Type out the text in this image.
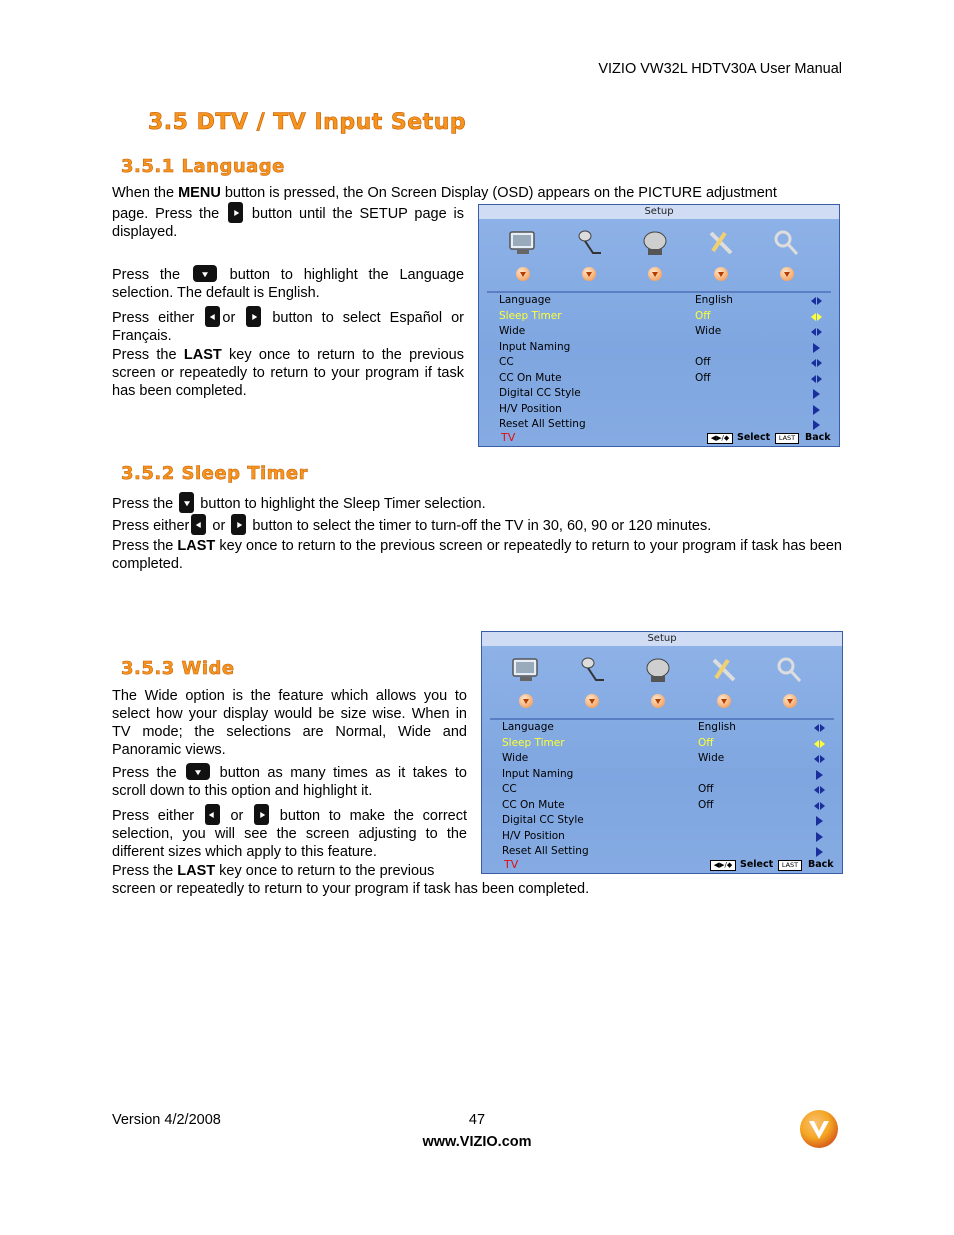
VIZIO VW32L HDTV30A User Manual
3.5 DTV / TV Input Setup
3.5.1 Language
When the MENU button is pressed, the On Screen Display (OSD) appears on the PICTURE adjustment
page. Press the  button until the SETUP page is displayed.
Press the  button to highlight the Language selection. The default is English.
Press either or  button to select Español or Français.
Press the LAST key once to return to the previous screen or repeatedly to return to your program if task has been completed.
Setup
Language	English
Sleep Timer	Off
Wide	Wide
Input Naming
CC	Off
CC On Mute	Off
Digital CC Style
H/V Position
Reset All Setting
TV	◀▶/◆ Select	LAST	Back
3.5.2 Sleep Timer
Press the  button to highlight the Sleep Timer selection.
Press either or  button to select the timer to turn-off the TV in 30, 60, 90 or 120 minutes.
Press the LAST key once to return to the previous screen or repeatedly to return to your program if task has been completed.
Setup
Language	English
Sleep Timer	Off
Wide	Wide
Input Naming
CC	Off
CC On Mute	Off
Digital CC Style
H/V Position
Reset All Setting
TV	◀▶/◆ Select	LAST	Back
3.5.3 Wide
The Wide option is the feature which allows you to select how your display would be size wise. When in TV mode; the selections are Normal, Wide and Panoramic views.
Press the  button as many times as it takes to scroll down to this option and highlight it.
Press either  or  button to make the correct selection, you will see the screen adjusting to the different sizes which apply to this feature.
Press the LAST key once to return to the previous
screen or repeatedly to return to your program if task has been completed.
Version 4/2/2008	47
www.VIZIO.com
